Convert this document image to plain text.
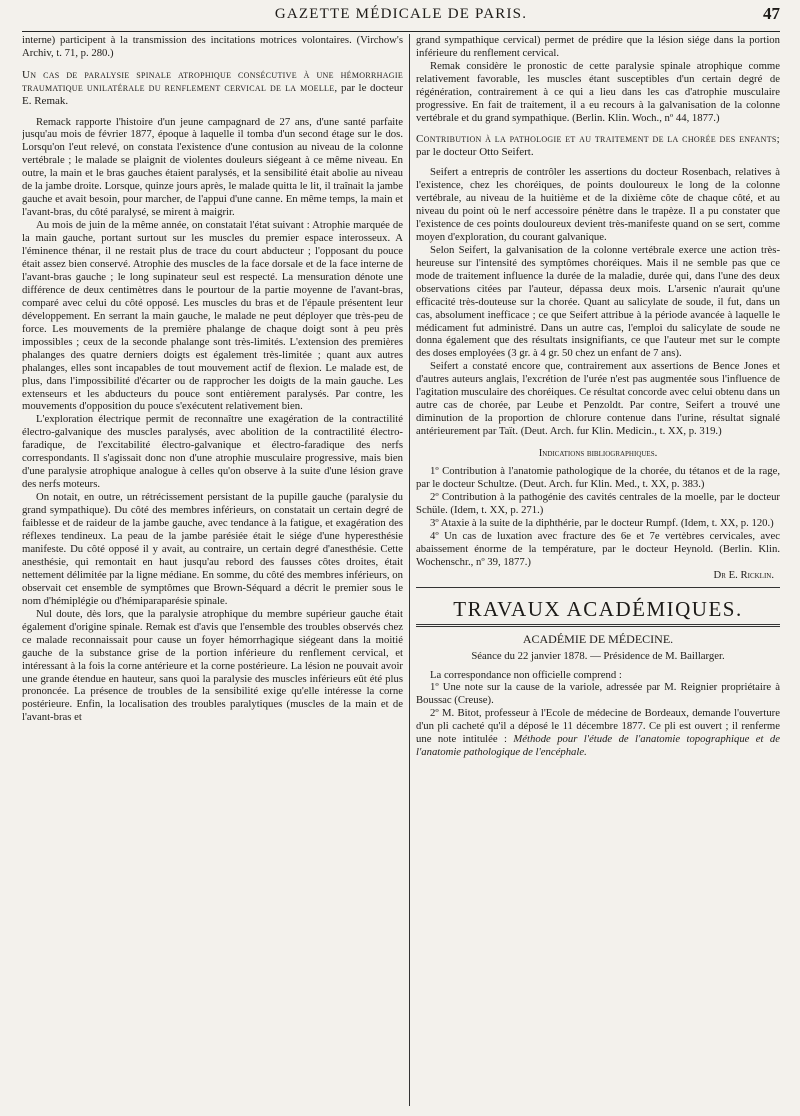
GAZETTE MÉDICALE DE PARIS.	47

interne) participent à la transmission des incitations motrices volontaires. (Virchow's Archiv, t. 71, p. 280.)

Un cas de paralysie spinale atrophique consécutive à une hémorrhagie traumatique unilatérale du renflement cervical de la moelle, par le docteur E. Remak.

Remack rapporte l'histoire d'un jeune campagnard de 27 ans, d'une santé parfaite jusqu'au mois de février 1877, époque à laquelle il tomba d'un second étage sur le dos. Lorsqu'on l'eut relevé, on constata l'existence d'une contusion au niveau de la colonne vertébrale ; le malade se plaignit de violentes douleurs siégeant à ce même niveau. En outre, la main et le bras gauches étaient paralysés, et la sensibilité était abolie au niveau de la jambe droite. Lorsque, quinze jours après, le malade quitta le lit, il traînait la jambe gauche et avait besoin, pour marcher, de l'appui d'une canne. En même temps, la main et l'avant-bras, du côté paralysé, se mirent à maigrir.

Au mois de juin de la même année, on constatait l'état suivant : Atrophie marquée de la main gauche, portant surtout sur les muscles du premier espace interosseux. A l'éminence thénar, il ne restait plus de trace du court abducteur ; l'opposant du pouce était assez bien conservé. Atrophie des muscles de la face dorsale et de la face interne de l'avant-bras gauche ; le long supinateur seul est respecté. La mensuration dénote une différence de deux centimètres dans le pourtour de la partie moyenne de l'avant-bras, comparé avec celui du côté opposé. Les muscles du bras et de l'épaule présentent leur développement. En serrant la main gauche, le malade ne peut déployer que très-peu de force. Les mouvements de la première phalange de chaque doigt sont à peu près impossibles ; ceux de la seconde phalange sont très-limités. L'extension des premières phalanges des quatre derniers doigts est également très-limitée ; quant aux autres phalanges, elles sont incapables de tout mouvement actif de flexion. Le malade est, de plus, dans l'impossibilité d'écarter ou de rapprocher les doigts de la main gauche. Les extenseurs et les abducteurs du pouce sont entièrement paralysés. Par contre, les mouvements d'opposition du pouce s'exécutent relativement bien.

L'exploration électrique permit de reconnaître une exagération de la contractilité électro-galvanique des muscles paralysés, avec abolition de la contractilité électro-faradique, de l'excitabilité électro-galvanique et électro-faradique des nerfs correspondants. Il s'agissait donc non d'une atrophie musculaire progressive, mais bien d'une paralysie atrophique analogue à celles qu'on observe à la suite d'une lésion grave des nerfs moteurs.

On notait, en outre, un rétrécissement persistant de la pupille gauche (paralysie du grand sympathique). Du côté des membres inférieurs, on constatait un certain degré de faiblesse et de raideur de la jambe gauche, avec tendance à la fatigue, et exagération des réflexes tendineux. La peau de la jambe parésiée était le siége d'une hyperesthésie manifeste. Du côté opposé il y avait, au contraire, un certain degré d'anesthésie. Cette anesthésie, qui remontait en haut jusqu'au rebord des fausses côtes droites, était nettement délimitée par la ligne médiane. En somme, du côté des membres inférieurs, on observait cet ensemble de symptômes que Brown-Séquard a décrit le premier sous le nom d'hémiplégie ou d'hémiparaparésie spinale.

Nul doute, dès lors, que la paralysie atrophique du membre supérieur gauche était également d'origine spinale. Remak est d'avis que l'ensemble des troubles observés chez ce malade reconnaissait pour cause un foyer hémorrhagique siégeant dans la moitié gauche de la substance grise de la portion inférieure du renflement cervical, et intéressant à la fois la corne antérieure et la corne postérieure. La lésion ne pouvait avoir une grande étendue en hauteur, sans quoi la paralysie des muscles inférieurs eût été plus prononcée. La présence de troubles de la sensibilité exige qu'elle intéresse la corne postérieure. Enfin, la localisation des troubles paralytiques (muscles de la main et de l'avant-bras et

grand sympathique cervical) permet de prédire que la lésion siége dans la portion inférieure du renflement cervical.

Remak considère le pronostic de cette paralysie spinale atrophique comme relativement favorable, les muscles étant susceptibles d'un certain degré de régénération, contrairement à ce qui a lieu dans les cas d'atrophie musculaire progressive. En fait de traitement, il a eu recours à la galvanisation de la colonne vertébrale et du grand sympathique. (Berlin. Klin. Woch., nº 44, 1877.)

Contribution à la pathologie et au traitement de la chorée des enfants; par le docteur Otto Seifert.

Seifert a entrepris de contrôler les assertions du docteur Rosenbach, relatives à l'existence, chez les choréiques, de points douloureux le long de la colonne vertébrale, au niveau de la huitième et de la dixième côte de chaque côté, et au niveau du point où le nerf accessoire pénètre dans le trapèze. Il a pu constater que l'existence de ces points douloureux devient très-manifeste quand on se sert, comme moyen d'exploration, du courant galvanique.

Selon Seifert, la galvanisation de la colonne vertébrale exerce une action très-heureuse sur l'intensité des symptômes choréiques. Mais il ne semble pas que ce mode de traitement influence la durée de la maladie, durée qui, dans l'une des deux observations citées par l'auteur, dépassa deux mois. L'arsenic n'aurait qu'une efficacité très-douteuse sur la chorée. Quant au salicylate de soude, il fut, dans un cas, absolument inefficace ; ce que Seifert attribue à la période avancée à laquelle le médicament fut administré. Dans un autre cas, l'emploi du salicylate de soude ne donna également que des résultats insignifiants, ce que l'auteur met sur le compte des doses employées (3 gr. à 4 gr. 50 chez un enfant de 7 ans).

Seifert a constaté encore que, contrairement aux assertions de Bence Jones et d'autres auteurs anglais, l'excrétion de l'urée n'est pas augmentée sous l'influence de l'agitation musculaire des choréiques. Ce résultat concorde avec celui obtenu dans un autre cas de chorée, par Leube et Penzoldt. Par contre, Seifert a trouvé une diminution de la proportion de chlorure contenue dans l'urine, résultat signalé antérieurement par Taït. (Deut. Arch. fur Klin. Medicin., t. XX, p. 319.)

Indications bibliographiques.

1º Contribution à l'anatomie pathologique de la chorée, du tétanos et de la rage, par le docteur Schultze. (Deut. Arch. fur Klin. Med., t. XX, p. 383.)

2º Contribution à la pathogénie des cavités centrales de la moelle, par le docteur Schüle. (Idem, t. XX, p. 271.)

3º Ataxie à la suite de la diphthérie, par le docteur Rumpf. (Idem, t. XX, p. 120.)

4º Un cas de luxation avec fracture des 6e et 7e vertèbres cervicales, avec abaissement énorme de la température, par le docteur Heynold. (Berlin. Klin. Wochenschr., nº 39, 1877.)

Dr E. Ricklin.

TRAVAUX ACADÉMIQUES.

ACADÉMIE DE MÉDECINE.

Séance du 22 janvier 1878. — Présidence de M. Baillarger.

La correspondance non officielle comprend :

1º Une note sur la cause de la variole, adressée par M. Reignier propriétaire à Boussac (Creuse).

2º M. Bitot, professeur à l'Ecole de médecine de Bordeaux, demande l'ouverture d'un pli cacheté qu'il a déposé le 11 décembre 1877. Ce pli est ouvert ; il renferme une note intitulée : Méthode pour l'étude de l'anatomie topographique et de l'anatomie pathologique de l'encéphale.
